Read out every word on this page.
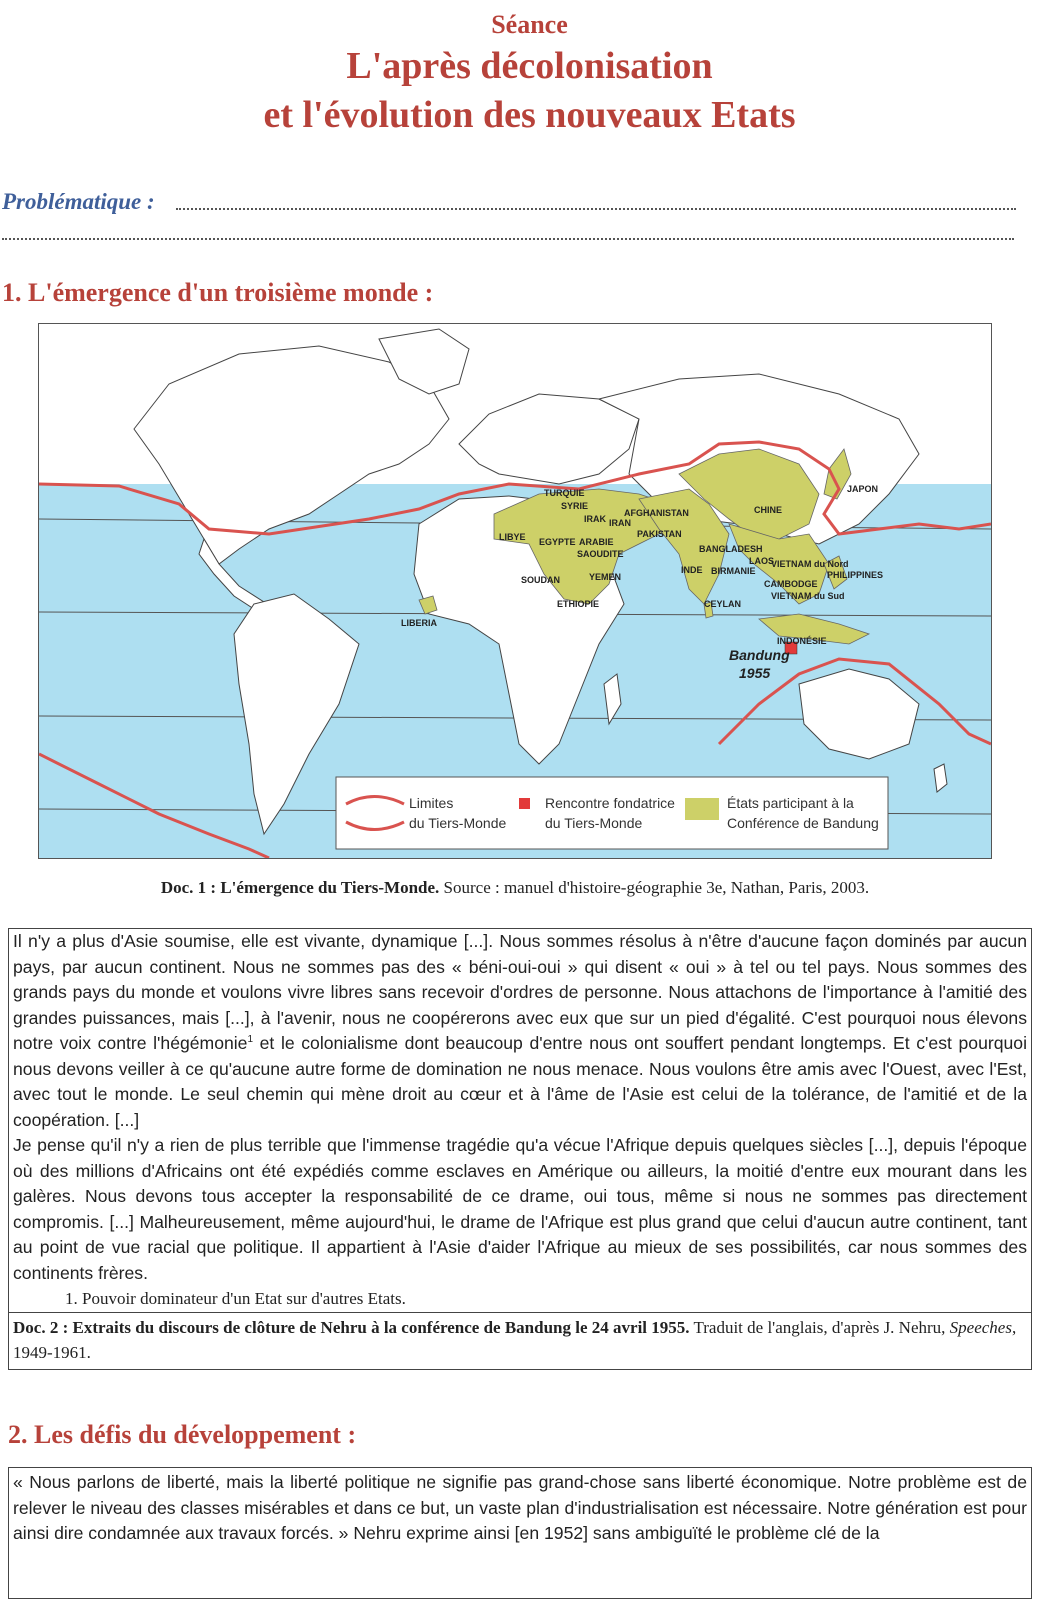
Séance
L'après décolonisation
et l'évolution des nouveaux Etats
Problématique :
1. L'émergence d'un troisième monde :
Bandung
1955
TURQUIE
SYRIE
IRAK IRAN
AFGHANISTAN
PAKISTAN
CHINE
JAPON
LIBYE EGYPTE ARABIE
SAOUDITE
YEMEN
SOUDAN
ETHIOPIE
LIBERIA
BANGLADESH
INDE BIRMANIE
LAOS
VIETNAM du Nord
PHILIPPINES
CAMBODGE
VIETNAM du Sud
CEYLAN
INDONÉSIE
Limites
du Tiers-Monde
Rencontre fondatrice
du Tiers-Monde
États participant à la
Conférence de Bandung
Doc. 1 : L'émergence du Tiers-Monde. Source : manuel d'histoire-géographie 3e, Nathan, Paris, 2003.

Il n'y a plus d'Asie soumise, elle est vivante, dynamique [...]. Nous sommes résolus à n'être d'aucune façon dominés par aucun pays, par aucun continent. Nous ne sommes pas des « béni-oui-oui » qui disent « oui » à tel ou tel pays. Nous sommes des grands pays du monde et voulons vivre libres sans recevoir d'ordres de personne. Nous attachons de l'importance à l'amitié des grandes puissances, mais [...], à l'avenir, nous ne coopérerons avec eux que sur un pied d'égalité. C'est pourquoi nous élevons notre voix contre l'hégémonie$^1$ et le colonialisme dont beaucoup d'entre nous ont souffert pendant longtemps. Et c'est pourquoi nous devons veiller à ce qu'aucune autre forme de domination ne nous menace. Nous voulons être amis avec l'Ouest, avec l'Est, avec tout le monde. Le seul chemin qui mène droit au cœur et à l'âme de l'Asie est celui de la tolérance, de l'amitié et de la coopération. [...]

Je pense qu'il n'y a rien de plus terrible que l'immense tragédie qu'a vécue l'Afrique depuis quelques siècles [...], depuis l'époque où des millions d'Africains ont été expédiés comme esclaves en Amérique ou ailleurs, la moitié d'entre eux mourant dans les galères. Nous devons tous accepter la responsabilité de ce drame, oui tous, même si nous ne sommes pas directement compromis. [...] Malheureusement, même aujourd'hui, le drame de l'Afrique est plus grand que celui d'aucun autre continent, tant au point de vue racial que politique. Il appartient à l'Asie d'aider l'Afrique au mieux de ses possibilités, car nous sommes des continents frères.

1. Pouvoir dominateur d'un Etat sur d'autres Etats.

Doc. 2 : Extraits du discours de clôture de Nehru à la conférence de Bandung le 24 avril 1955. Traduit de l'anglais, d'après J. Nehru, Speeches, 1949-1961.
2. Les défis du développement :

« Nous parlons de liberté, mais la liberté politique ne signifie pas grand-chose sans liberté économique. Notre problème est de relever le niveau des classes misérables et dans ce but, un vaste plan d'industrialisation est nécessaire. Notre génération est pour ainsi dire condamnée aux travaux forcés. » Nehru exprime ainsi [en 1952] sans ambiguïté le problème clé de la
